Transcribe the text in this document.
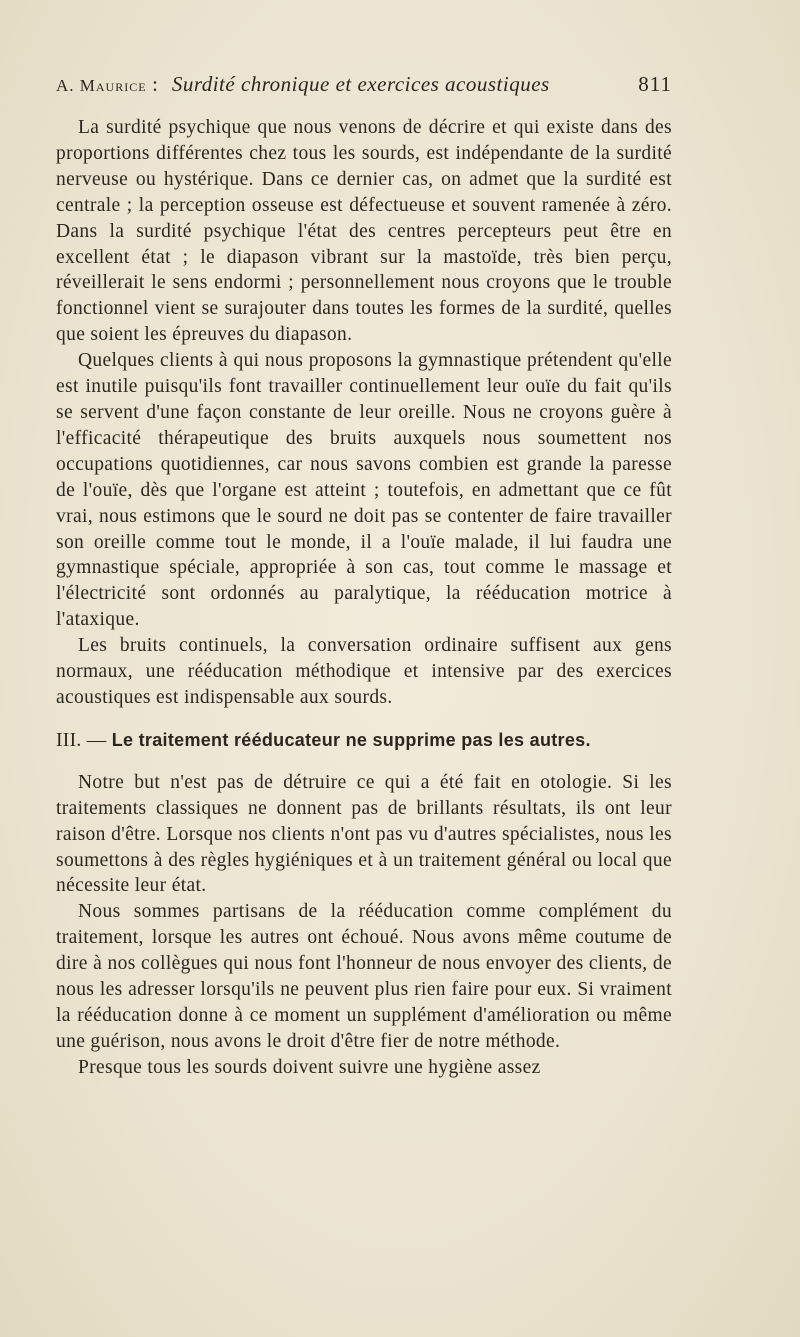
A. Maurice : Surdité chronique et exercices acoustiques	811

La surdité psychique que nous venons de décrire et qui existe dans des proportions différentes chez tous les sourds, est indépendante de la surdité nerveuse ou hystérique. Dans ce dernier cas, on admet que la surdité est centrale ; la perception osseuse est défectueuse et souvent ramenée à zéro. Dans la surdité psychique l'état des centres percepteurs peut être en excellent état ; le diapason vibrant sur la mastoïde, très bien perçu, réveillerait le sens endormi ; personnellement nous croyons que le trouble fonctionnel vient se surajouter dans toutes les formes de la surdité, quelles que soient les épreuves du diapason.

Quelques clients à qui nous proposons la gymnastique prétendent qu'elle est inutile puisqu'ils font travailler continuellement leur ouïe du fait qu'ils se servent d'une façon constante de leur oreille. Nous ne croyons guère à l'efficacité thérapeutique des bruits auxquels nous soumettent nos occupations quotidiennes, car nous savons combien est grande la paresse de l'ouïe, dès que l'organe est atteint ; toutefois, en admettant que ce fût vrai, nous estimons que le sourd ne doit pas se contenter de faire travailler son oreille comme tout le monde, il a l'ouïe malade, il lui faudra une gymnastique spéciale, appropriée à son cas, tout comme le massage et l'électricité sont ordonnés au paralytique, la rééducation motrice à l'ataxique.

Les bruits continuels, la conversation ordinaire suffisent aux gens normaux, une rééducation méthodique et intensive par des exercices acoustiques est indispensable aux sourds.

III. — Le traitement rééducateur ne supprime pas les autres.

Notre but n'est pas de détruire ce qui a été fait en otologie. Si les traitements classiques ne donnent pas de brillants résultats, ils ont leur raison d'être. Lorsque nos clients n'ont pas vu d'autres spécialistes, nous les soumettons à des règles hygiéniques et à un traitement général ou local que nécessite leur état.

Nous sommes partisans de la rééducation comme complément du traitement, lorsque les autres ont échoué. Nous avons même coutume de dire à nos collègues qui nous font l'honneur de nous envoyer des clients, de nous les adresser lorsqu'ils ne peuvent plus rien faire pour eux. Si vraiment la rééducation donne à ce moment un supplément d'amélioration ou même une guérison, nous avons le droit d'être fier de notre méthode.

Presque tous les sourds doivent suivre une hygiène assez
